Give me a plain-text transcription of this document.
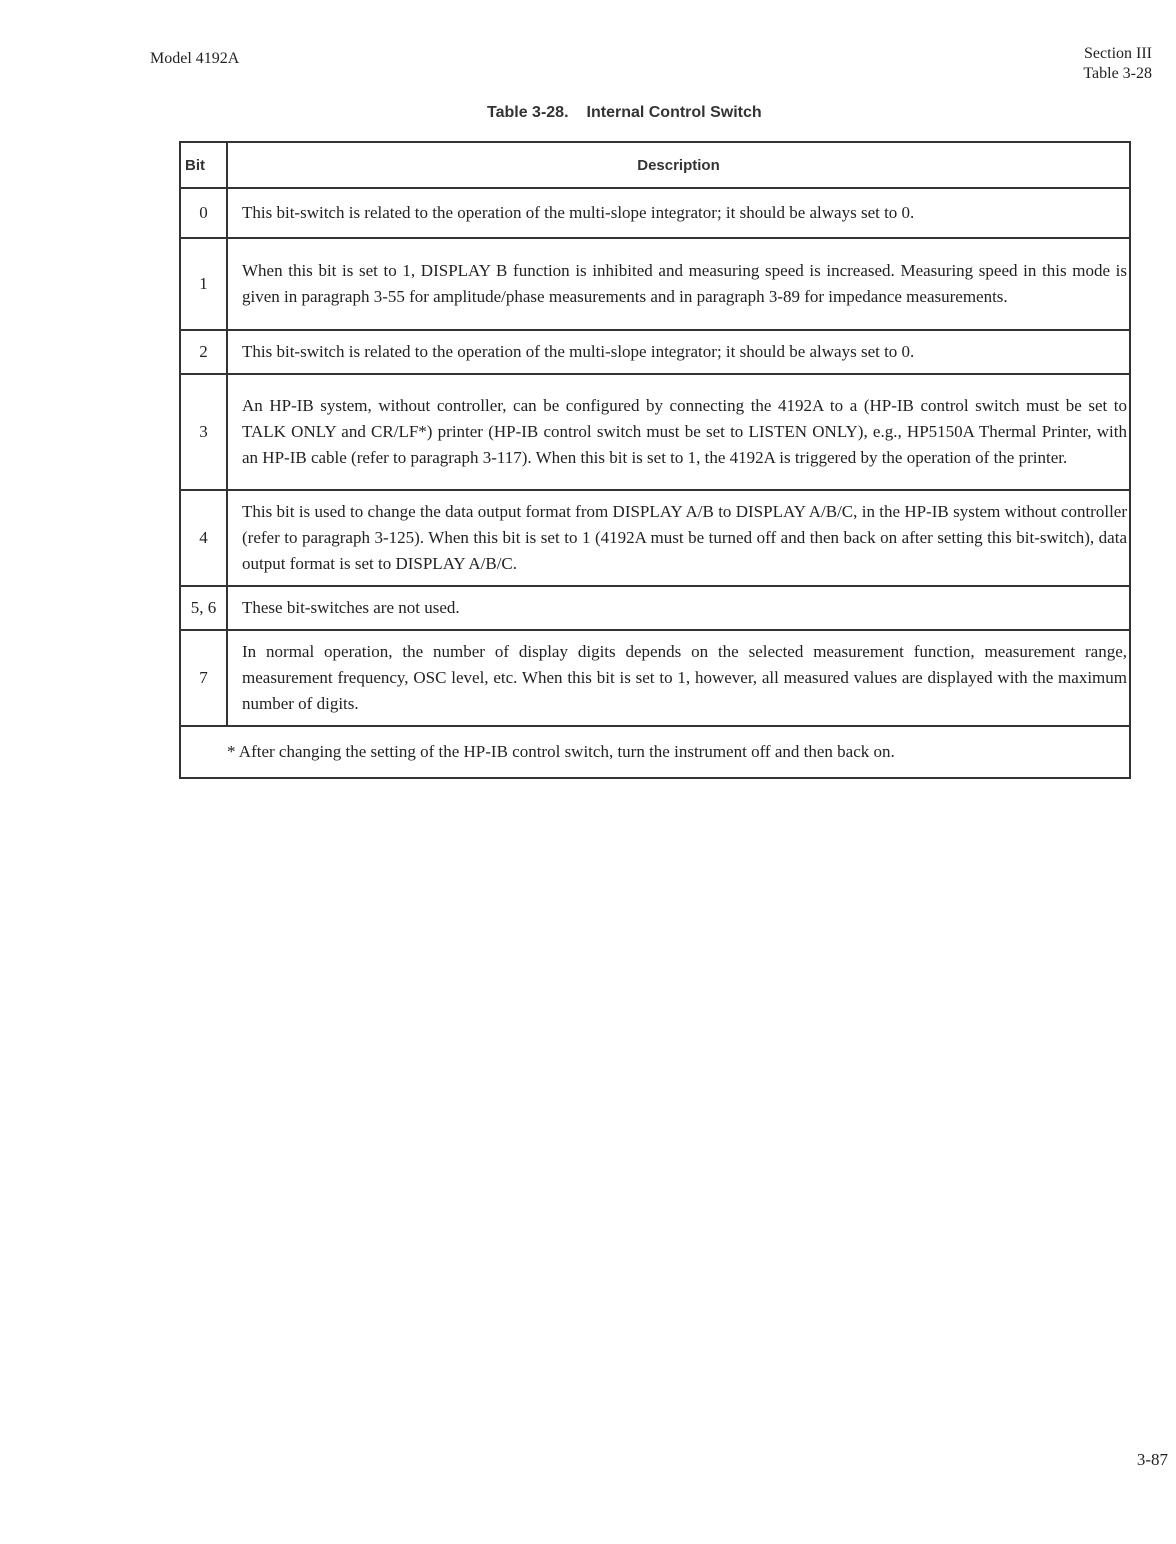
Model 4192A	Section III
Table 3-28
Table 3-28. Internal Control Switch
Bit	Description
0	This bit-switch is related to the operation of the multi-slope integrator; it should be always set to 0.
1	When this bit is set to 1, DISPLAY B function is inhibited and measuring speed is increased. Measuring speed in this mode is given in paragraph 3-55 for amplitude/phase measurements and in paragraph 3-89 for impedance measurements.
2	This bit-switch is related to the operation of the multi-slope integrator; it should be always set to 0.
3	An HP-IB system, without controller, can be configured by connecting the 4192A to a (HP-IB control switch must be set to TALK ONLY and CR/LF*) printer (HP-IB control switch must be set to LISTEN ONLY), e.g., HP5150A Thermal Printer, with an HP-IB cable (refer to paragraph 3-117). When this bit is set to 1, the 4192A is triggered by the operation of the printer.
4	This bit is used to change the data output format from DISPLAY A/B to DISPLAY A/B/C, in the HP-IB system without controller (refer to paragraph 3-125). When this bit is set to 1 (4192A must be turned off and then back on after setting this bit-switch), data output format is set to DISPLAY A/B/C.
5, 6	These bit-switches are not used.
7	In normal operation, the number of display digits depends on the selected measurement function, measurement range, measurement frequency, OSC level, etc. When this bit is set to 1, however, all measured values are displayed with the maximum number of digits.
* After changing the setting of the HP-IB control switch, turn the instrument off and then back on.	
3-87
